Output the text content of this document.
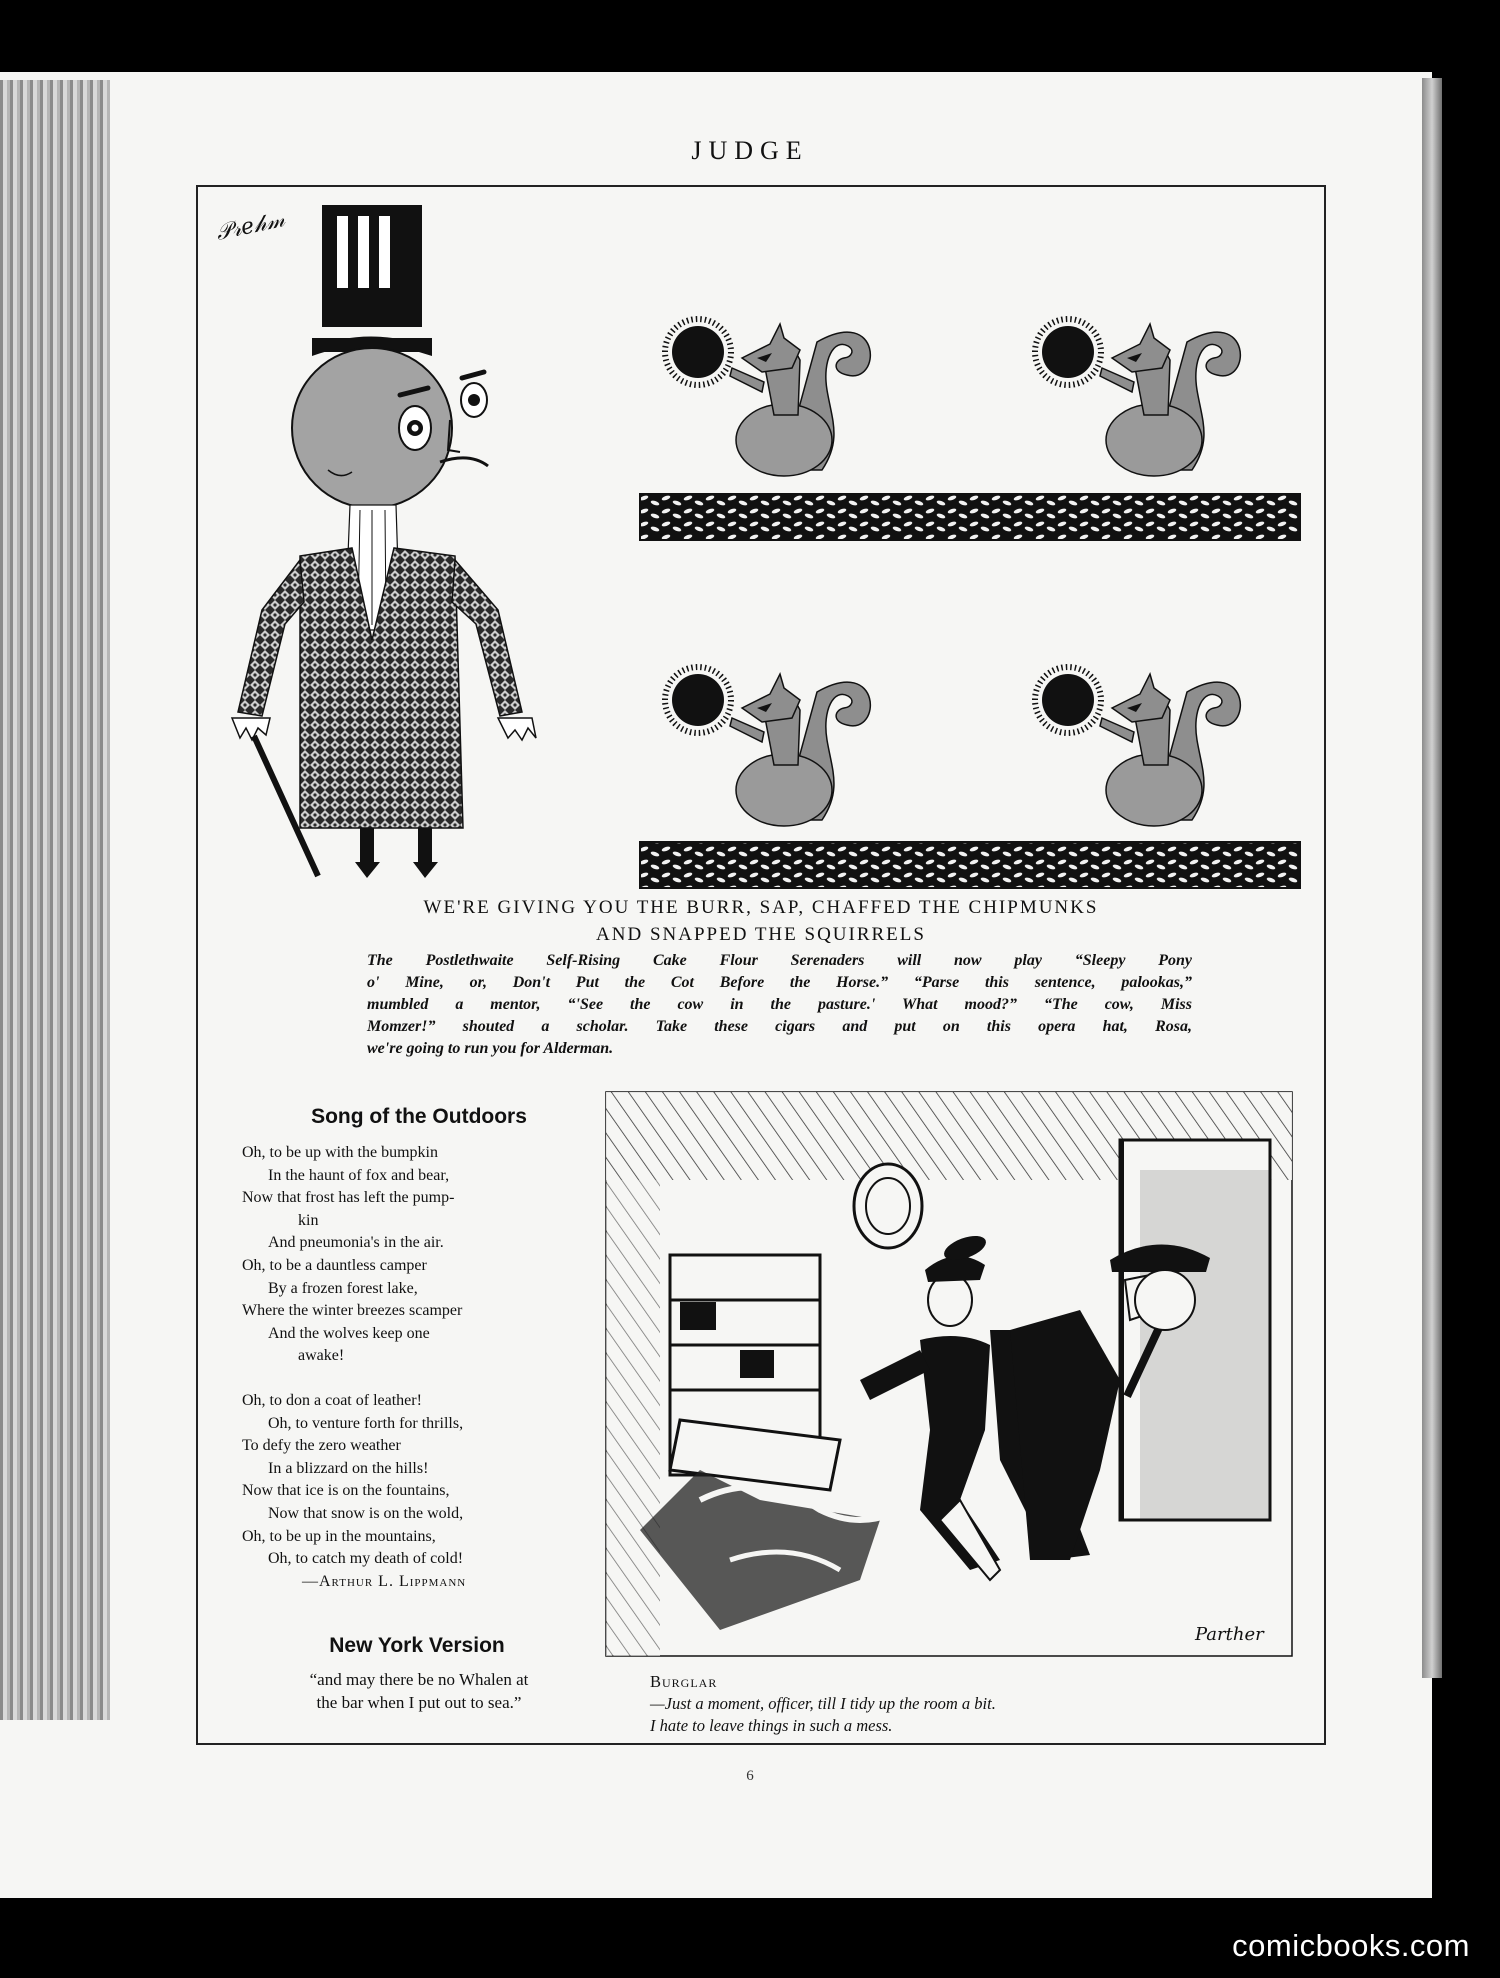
𝒫𝓇𝑒𝒽𝓂
Parther
JUDGE
WE'RE GIVING YOU THE BURR, SAP, CHAFFED THE CHIPMUNKS
AND SNAPPED THE SQUIRRELS
The Postlethwaite Self-Rising Cake Flour Serenaders will now play “Sleepy Pony
o' Mine, or, Don't Put the Cot Before the Horse.” “Parse this sentence, palookas,”
mumbled a mentor, “'See the cow in the pasture.' What mood?” “The cow, Miss
Momzer!” shouted a scholar. Take these cigars and put on this opera hat, Rosa,
we're going to run you for Alderman.
Song of the Outdoors
Oh, to be up with the bumpkin
In the haunt of fox and bear,
Now that frost has left the pump-
kin
And pneumonia's in the air.
Oh, to be a dauntless camper
By a frozen forest lake,
Where the winter breezes scamper
And the wolves keep one
awake!
Oh, to don a coat of leather!
Oh, to venture forth for thrills,
To defy the zero weather
In a blizzard on the hills!
Now that ice is on the fountains,
Now that snow is on the wold,
Oh, to be up in the mountains,
Oh, to catch my death of cold!
—Arthur L. Lippmann
New York Version
“and may there be no Whalen at
the bar when I put out to sea.”
Burglar
—Just a moment, officer, till I tidy up the room a bit.
I hate to leave things in such a mess.
6
comicbooks.com
